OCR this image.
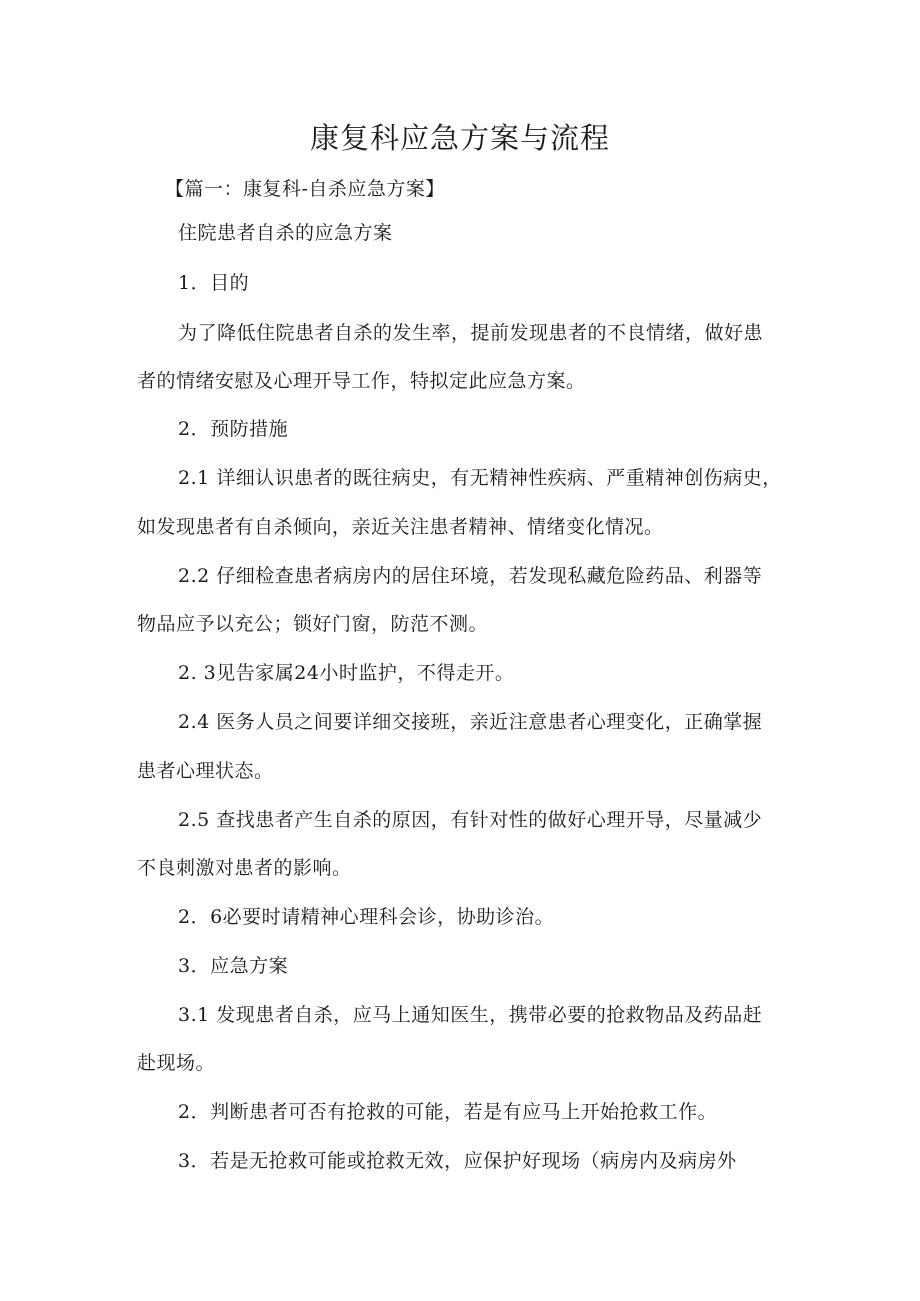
康复科应急方案与流程
【篇一：康复科-自杀应急方案】
住院患者自杀的应急方案
1．目的
为了降低住院患者自杀的发生率，提前发现患者的不良情绪，做好患
者的情绪安慰及心理开导工作，特拟定此应急方案。
2．预防措施
2.1 详细认识患者的既往病史，有无精神性疾病、严重精神创伤病史，
如发现患者有自杀倾向，亲近关注患者精神、情绪变化情况。
2.2 仔细检查患者病房内的居住环境，若发现私藏危险药品、利器等
物品应予以充公；锁好门窗，防范不测。
2. 3见告家属24小时监护，不得走开。
2.4 医务人员之间要详细交接班，亲近注意患者心理变化，正确掌握
患者心理状态。
2.5 查找患者产生自杀的原因，有针对性的做好心理开导，尽量减少
不良刺激对患者的影响。
2．6必要时请精神心理科会诊，协助诊治。
3．应急方案
3.1 发现患者自杀，应马上通知医生，携带必要的抢救物品及药品赶
赴现场。
2．判断患者可否有抢救的可能，若是有应马上开始抢救工作。
3．若是无抢救可能或抢救无效，应保护好现场（病房内及病房外
